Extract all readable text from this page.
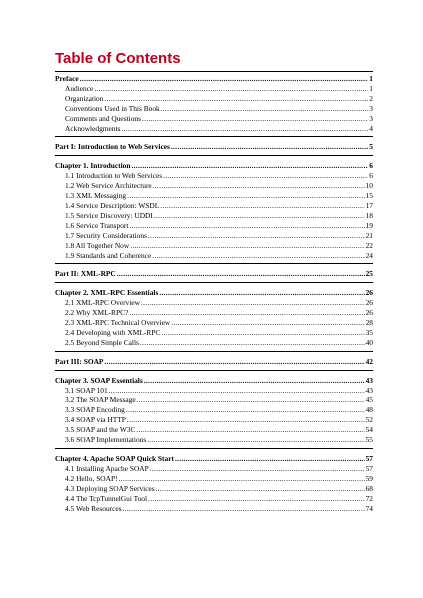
Table of Contents
Preface .....	1
Audience .....	1
Organization .....	2
Conventions Used in This Book .....	3
Comments and Questions .....	3
Acknowledgments .....	4
Part I: Introduction to Web Services .....	5
Chapter 1. Introduction .....	6
1.1 Introduction to Web Services .....	6
1.2 Web Service Architecture .....	10
1.3 XML Messaging .....	15
1.4 Service Description: WSDL .....	17
1.5 Service Discovery: UDDI .....	18
1.6 Service Transport .....	19
1.7 Security Considerations .....	21
1.8 All Together Now .....	22
1.9 Standards and Coherence .....	24
Part II: XML-RPC .....	25
Chapter 2. XML-RPC Essentials .....	26
2.1 XML-RPC Overview .....	26
2.2 Why XML-RPC? .....	26
2.3 XML-RPC Technical Overview .....	28
2.4 Developing with XML-RPC .....	35
2.5 Beyond Simple Calls .....	40
Part III: SOAP .....	42
Chapter 3. SOAP Essentials .....	43
3.1 SOAP 101 .....	43
3.2 The SOAP Message .....	45
3.3 SOAP Encoding .....	48
3.4 SOAP via HTTP .....	52
3.5 SOAP and the W3C .....	54
3.6 SOAP Implementations .....	55
Chapter 4. Apache SOAP Quick Start .....	57
4.1 Installing Apache SOAP .....	57
4.2 Hello, SOAP! .....	59
4.3 Deploying SOAP Services .....	68
4.4 The TcpTunnelGui Tool .....	72
4.5 Web Resources .....	74
